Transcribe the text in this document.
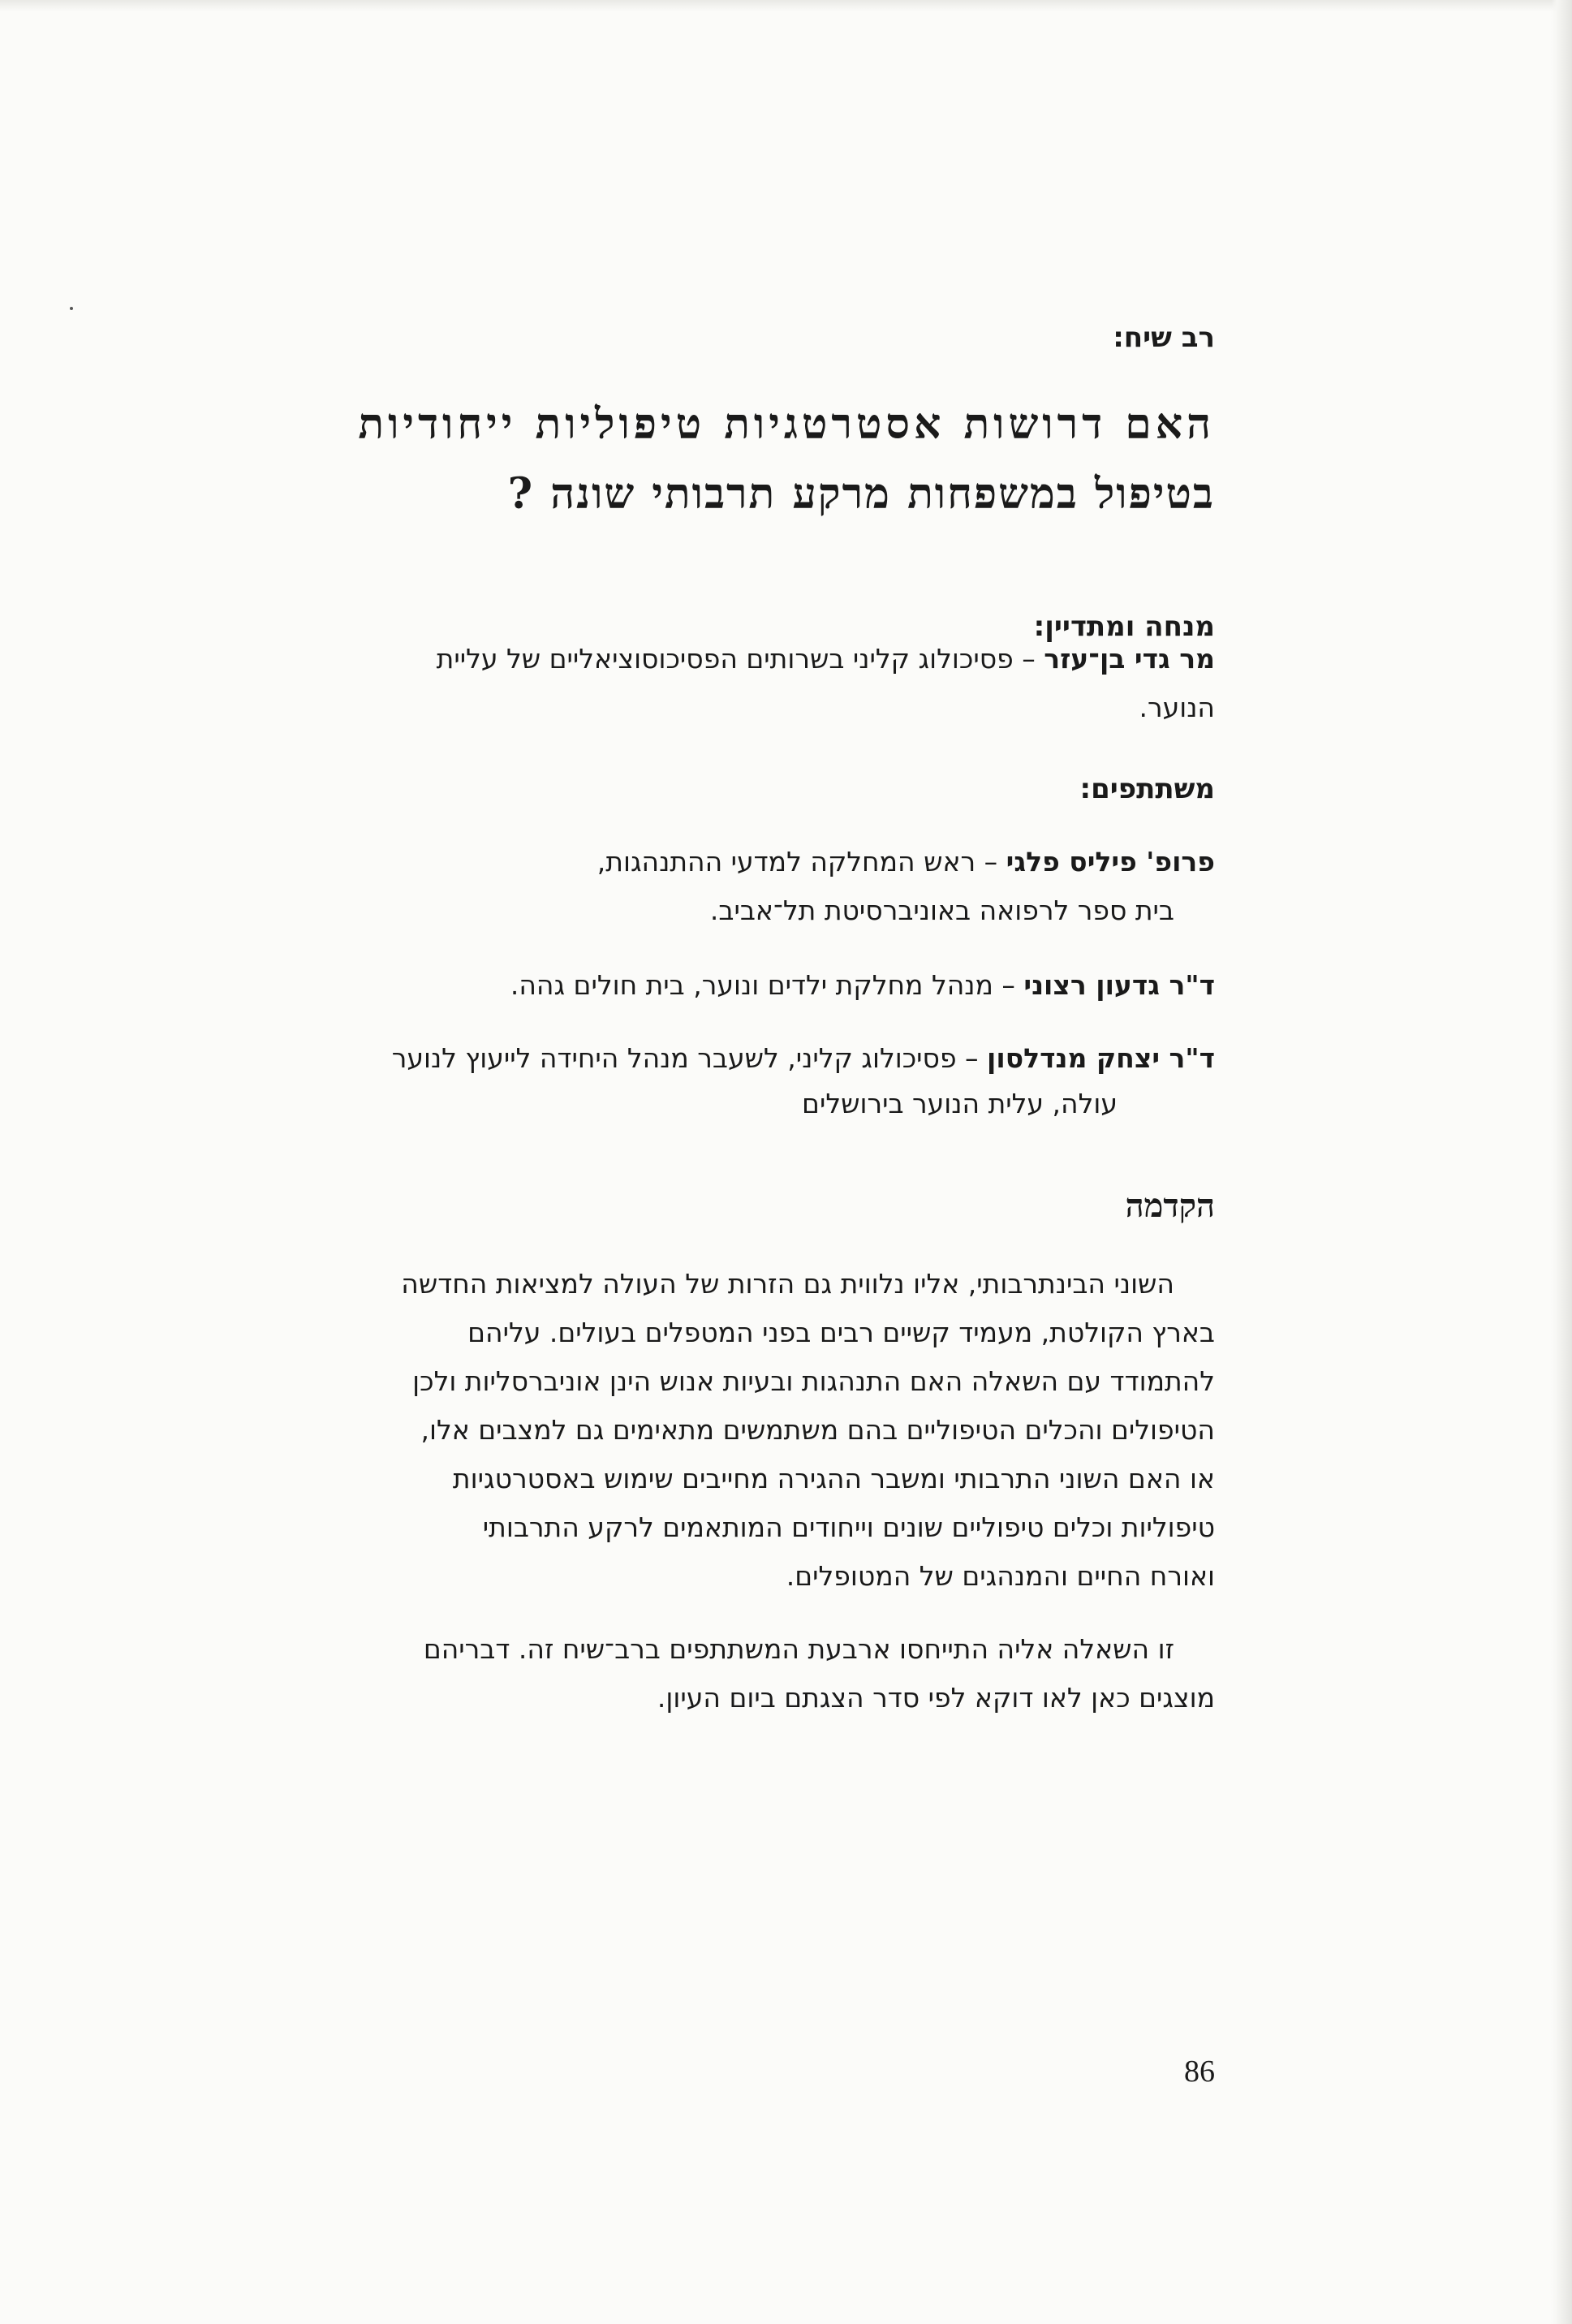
רב שיח:

האם דרושות אסטרטגיות טיפוליות ייחודיות
בטיפול במשפחות מרקע תרבותי שונה ?

מנחה ומתדיין:

מר גדי בן־עזר – פסיכולוג קליני בשרותים הפסיכוסוציאליים של עליית

הנוער.

משתתפים:

פרופ' פיליס פלגי – ראש המחלקה למדעי ההתנהגות,

בית ספר לרפואה באוניברסיטת תל־אביב.

ד"ר גדעון רצוני – מנהל מחלקת ילדים ונוער, בית חולים גהה.

ד"ר יצחק מנדלסון – פסיכולוג קליני, לשעבר מנהל היחידה לייעוץ לנוער

עולה, עלית הנוער בירושלים

הקדמה

השוני הבינתרבותי, אליו נלווית גם הזרות של העולה למציאות החדשה

בארץ הקולטת, מעמיד קשיים רבים בפני המטפלים בעולים. עליהם

להתמודד עם השאלה האם התנהגות ובעיות אנוש הינן אוניברסליות ולכן

הטיפולים והכלים הטיפוליים בהם משתמשים מתאימים גם למצבים אלו,

או האם השוני התרבותי ומשבר ההגירה מחייבים שימוש באסטרטגיות

טיפוליות וכלים טיפוליים שונים וייחודים המותאמים לרקע התרבותי

ואורח החיים והמנהגים של המטופלים.

זו השאלה אליה התייחסו ארבעת המשתתפים ברב־שיח זה. דבריהם

מוצגים כאן לאו דוקא לפי סדר הצגתם ביום העיון.

86
